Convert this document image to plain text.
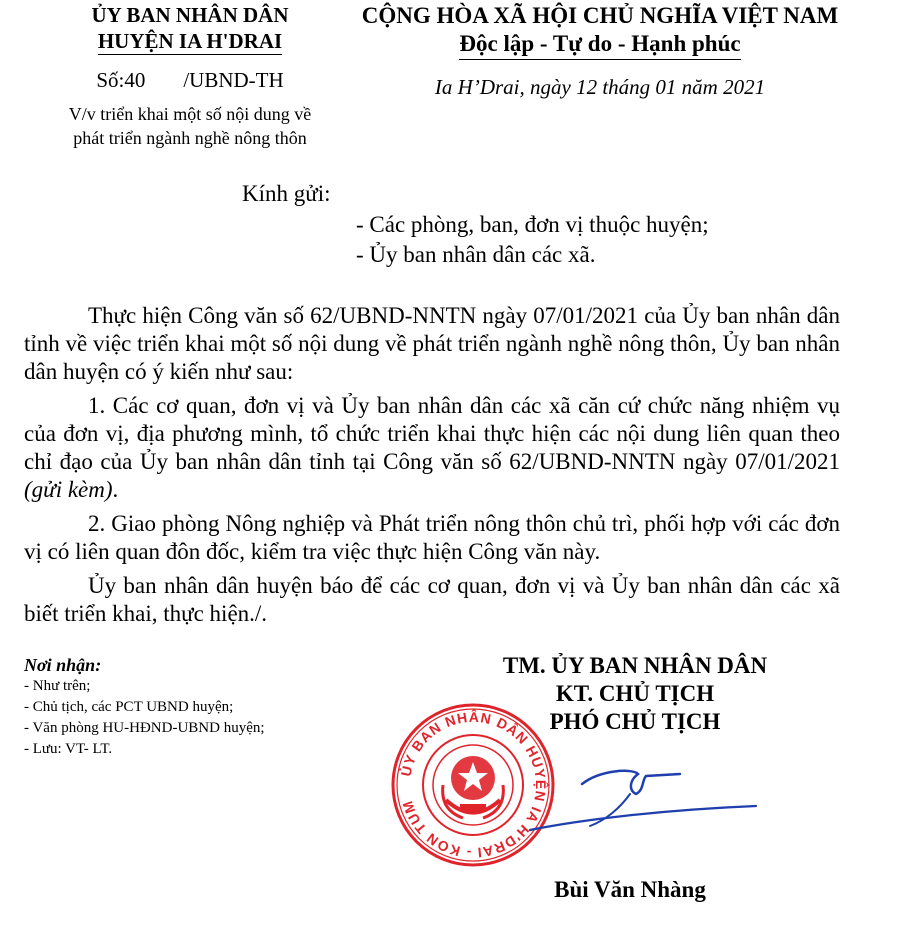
ỦY BAN NHÂN DÂN
HUYỆN IA H'DRAI
Số:40 /UBND-TH
CỘNG HÒA XÃ HỘI CHỦ NGHĨA VIỆT NAM
Độc lập - Tự do - Hạnh phúc
Ia H’Drai, ngày 12 tháng 01 năm 2021
V/v triển khai một số nội dung về
phát triển ngành nghề nông thôn
Kính gửi:
- Các phòng, ban, đơn vị thuộc huyện;
- Ủy ban nhân dân các xã.

Thực hiện Công văn số 62/UBND-NNTN ngày 07/01/2021 của Ủy ban nhân dân tỉnh về việc triển khai một số nội dung về phát triển ngành nghề nông thôn, Ủy ban nhân dân huyện có ý kiến như sau:

1. Các cơ quan, đơn vị và Ủy ban nhân dân các xã căn cứ chức năng nhiệm vụ của đơn vị, địa phương mình, tổ chức triển khai thực hiện các nội dung liên quan theo chỉ đạo của Ủy ban nhân dân tỉnh tại Công văn số 62/UBND-NNTN ngày 07/01/2021 (gửi kèm).

2. Giao phòng Nông nghiệp và Phát triển nông thôn chủ trì, phối hợp với các đơn vị có liên quan đôn đốc, kiểm tra việc thực hiện Công văn này.

Ủy ban nhân dân huyện báo để các cơ quan, đơn vị và Ủy ban nhân dân các xã biết triển khai, thực hiện./.

Nơi nhận:
- Như trên;
- Chủ tịch, các PCT UBND huyện;
- Văn phòng HU-HĐND-UBND huyện;
- Lưu: VT- LT.
TM. ỦY BAN NHÂN DÂN
KT. CHỦ TỊCH
PHÓ CHỦ TỊCH
ỦY BAN NHÂN DÂN HUYỆN IA H'DRAI - KON TUM
Bùi Văn Nhàng
